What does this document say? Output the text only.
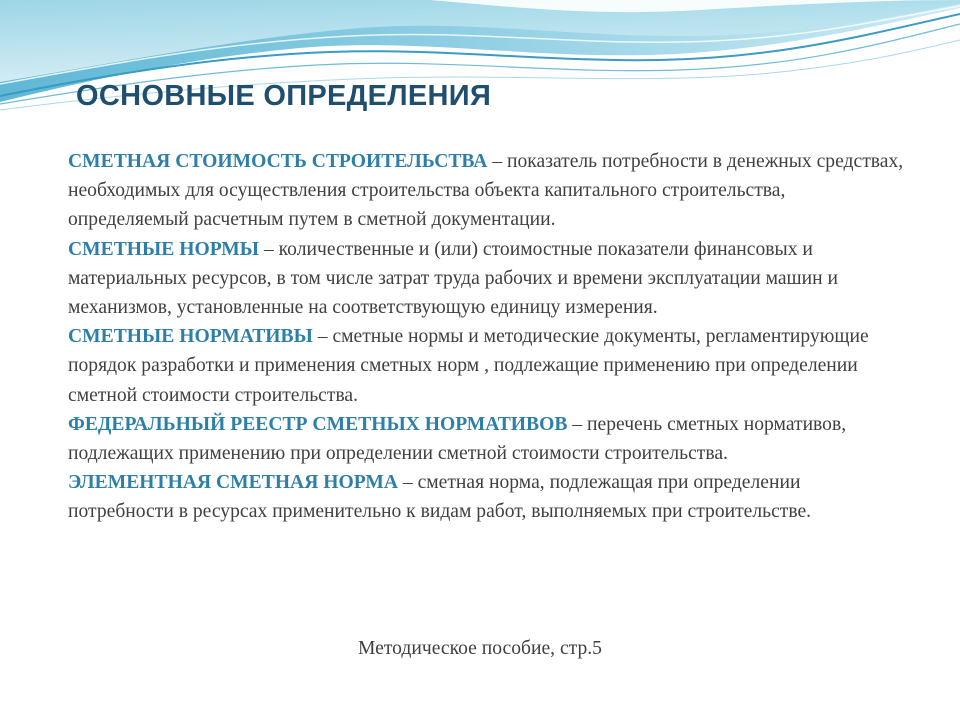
ОСНОВНЫЕ ОПРЕДЕЛЕНИЯ

СМЕТНАЯ СТОИМОСТЬ СТРОИТЕЛЬСТВА – показатель потребности в денежных средствах, необходимых для осуществления строительства объекта капитального строительства, определяемый расчетным путем в сметной документации.

СМЕТНЫЕ НОРМЫ – количественные и (или) стоимостные показатели финансовых и материальных ресурсов, в том числе затрат труда рабочих и времени эксплуатации машин и механизмов, установленные на соответствующую единицу измерения.

СМЕТНЫЕ НОРМАТИВЫ – сметные нормы и методические документы, регламентирующие порядок разработки и применения сметных норм , подлежащие применению при определении сметной стоимости строительства.

ФЕДЕРАЛЬНЫЙ РЕЕСТР СМЕТНЫХ НОРМАТИВОВ – перечень сметных нормативов, подлежащих применению при определении сметной стоимости строительства.

ЭЛЕМЕНТНАЯ СМЕТНАЯ НОРМА – сметная норма, подлежащая при определении потребности в ресурсах применительно к видам работ, выполняемых при строительстве.

Методическое пособие, стр.5
